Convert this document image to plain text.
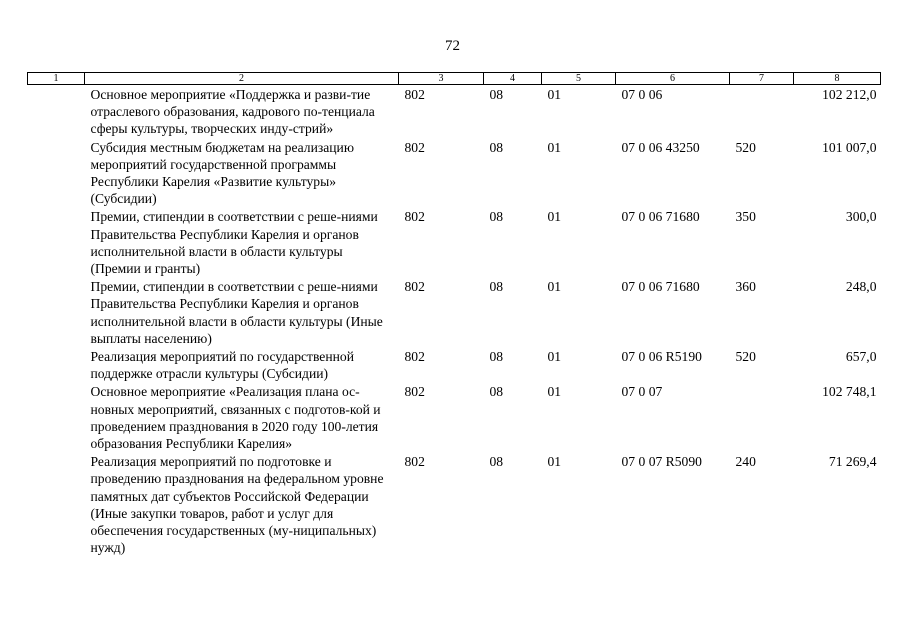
72
1	2	3	4	5	6	7	8
	Основное мероприятие «Поддержка и разви-тие отраслевого образования, кадрового по-тенциала сферы культуры, творческих инду-стрий»	802	08	01	07 0 06		102 212,0
	Субсидия местным бюджетам на реализацию мероприятий государственной программы Республики Карелия «Развитие культуры» (Субсидии)	802	08	01	07 0 06 43250	520	101 007,0
	Премии, стипендии в соответствии с реше-ниями Правительства Республики Карелия и органов исполнительной власти в области культуры (Премии и гранты)	802	08	01	07 0 06 71680	350	300,0
	Премии, стипендии в соответствии с реше-ниями Правительства Республики Карелия и органов исполнительной власти в области культуры (Иные выплаты населению)	802	08	01	07 0 06 71680	360	248,0
	Реализация мероприятий по государственной поддержке отрасли культуры (Субсидии)	802	08	01	07 0 06 R5190	520	657,0
	Основное мероприятие «Реализация плана ос-новных мероприятий, связанных с подготов-кой и проведением празднования в 2020 году 100-летия образования Республики Карелия»	802	08	01	07 0 07		102 748,1
	Реализация мероприятий по подготовке и проведению празднования на федеральном уровне памятных дат субъектов Российской Федерации (Иные закупки товаров, работ и услуг для обеспечения государственных (му-ниципальных) нужд)	802	08	01	07 0 07 R5090	240	71 269,4
